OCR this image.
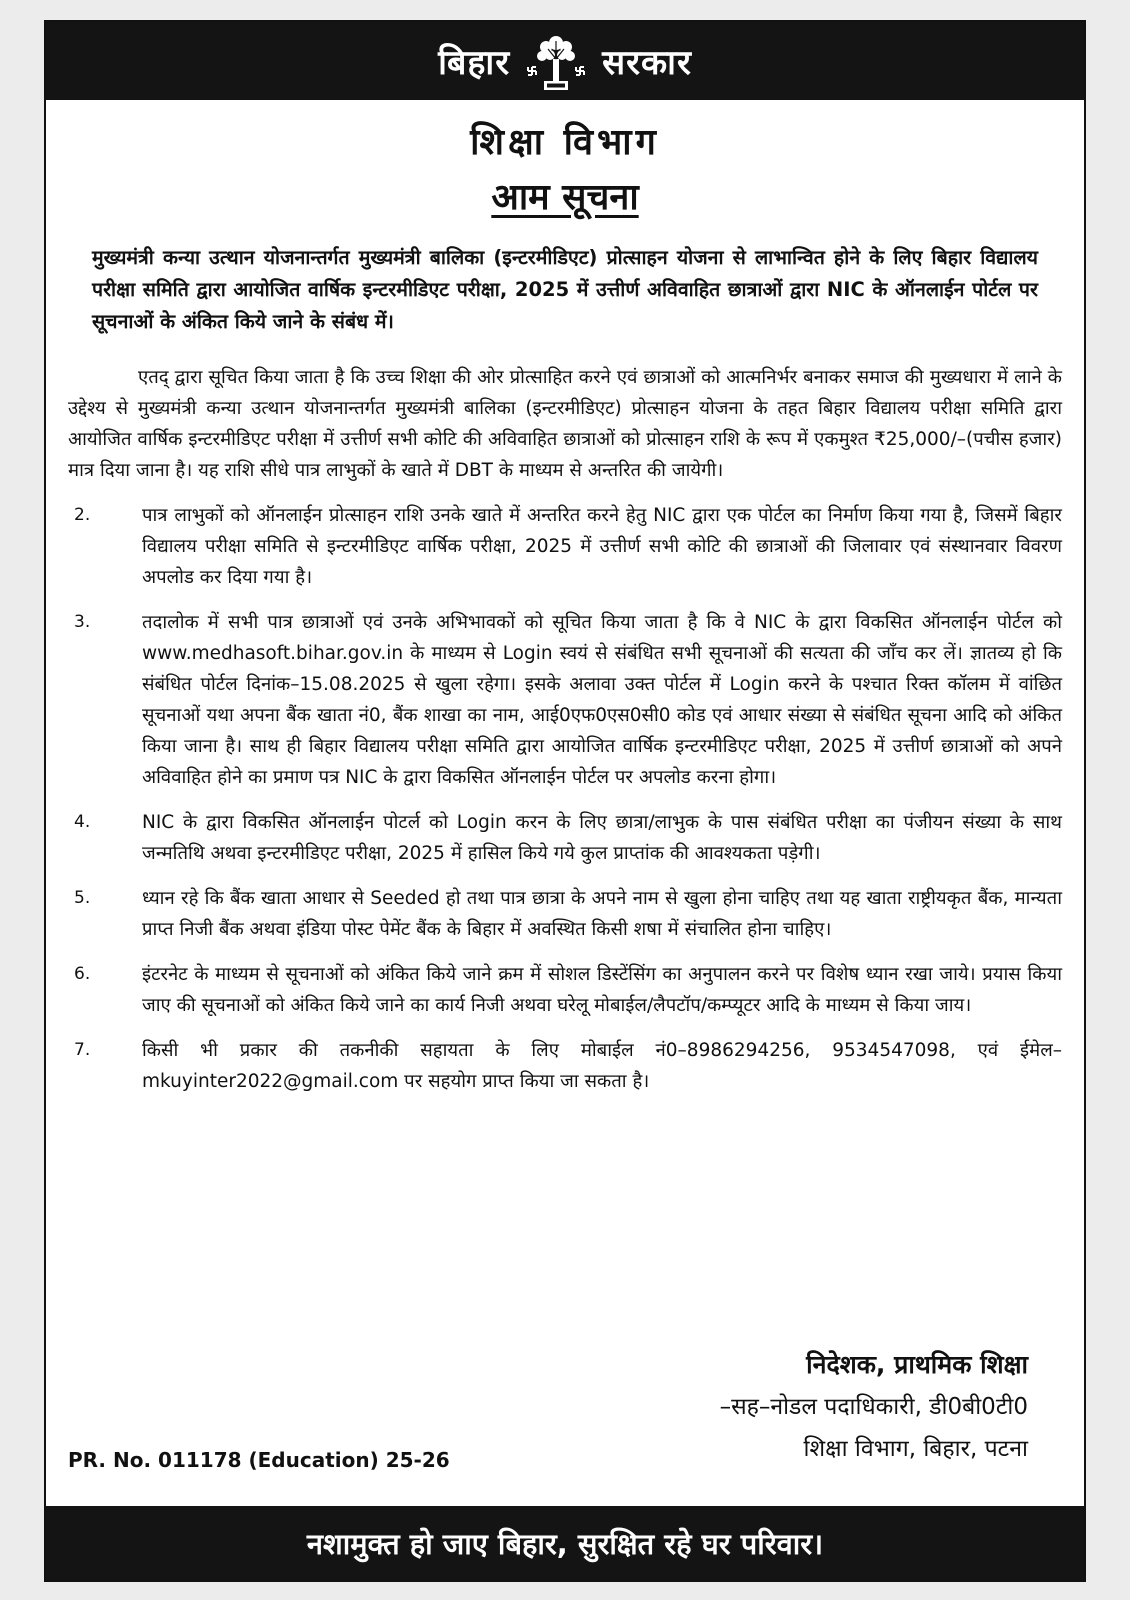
बिहार	सरकार
शिक्षा विभाग
आम सूचना
मुख्यमंत्री कन्या उत्थान योजनान्तर्गत मुख्यमंत्री बालिका (इन्टरमीडिएट) प्रोत्साहन योजना से लाभान्वित होने के लिए बिहार विद्यालय परीक्षा समिति द्वारा आयोजित वार्षिक इन्टरमीडिएट परीक्षा, 2025 में उत्तीर्ण अविवाहित छात्राओं द्वारा NIC के ऑनलाईन पोर्टल पर सूचनाओं के अंकित किये जाने के संबंध में।
एतद् द्वारा सूचित किया जाता है कि उच्च शिक्षा की ओर प्रोत्साहित करने एवं छात्राओं को आत्मनिर्भर बनाकर समाज की मुख्यधारा में लाने के उद्देश्य से मुख्यमंत्री कन्या उत्थान योजनान्तर्गत मुख्यमंत्री बालिका (इन्टरमीडिएट) प्रोत्साहन योजना के तहत बिहार विद्यालय परीक्षा समिति द्वारा आयोजित वार्षिक इन्टरमीडिएट परीक्षा में उत्तीर्ण सभी कोटि की अविवाहित छात्राओं को प्रोत्साहन राशि के रूप में एकमुश्त ₹25,000/–(पचीस हजार) मात्र दिया जाना है। यह राशि सीधे पात्र लाभुकों के खाते में DBT के माध्यम से अन्तरित की जायेगी।
2.	पात्र लाभुकों को ऑनलाईन प्रोत्साहन राशि उनके खाते में अन्तरित करने हेतु NIC द्वारा एक पोर्टल का निर्माण किया गया है, जिसमें बिहार विद्यालय परीक्षा समिति से इन्टरमीडिएट वार्षिक परीक्षा, 2025 में उत्तीर्ण सभी कोटि की छात्राओं की जिलावार एवं संस्थानवार विवरण अपलोड कर दिया गया है।
3.	तदालोक में सभी पात्र छात्राओं एवं उनके अभिभावकों को सूचित किया जाता है कि वे NIC के द्वारा विकसित ऑनलाईन पोर्टल को www.medhasoft.bihar.gov.in के माध्यम से Login स्वयं से संबंधित सभी सूचनाओं की सत्यता की जाँच कर लें। ज्ञातव्य हो कि संबंधित पोर्टल दिनांक–15.08.2025 से खुला रहेगा। इसके अलावा उक्त पोर्टल में Login करने के पश्चात रिक्त कॉलम में वांछित सूचनाओं यथा अपना बैंक खाता नं0, बैंक शाखा का नाम, आई0एफ0एस0सी0 कोड एवं आधार संख्या से संबंधित सूचना आदि को अंकित किया जाना है। साथ ही बिहार विद्यालय परीक्षा समिति द्वारा आयोजित वार्षिक इन्टरमीडिएट परीक्षा, 2025 में उत्तीर्ण छात्राओं को अपने अविवाहित होने का प्रमाण पत्र NIC के द्वारा विकसित ऑनलाईन पोर्टल पर अपलोड करना होगा।
4.	NIC के द्वारा विकसित ऑनलाईन पोटर्ल को Login करन के लिए छात्रा/लाभुक के पास संबंधित परीक्षा का पंजीयन संख्या के साथ जन्मतिथि अथवा इन्टरमीडिएट परीक्षा, 2025 में हासिल किये गये कुल प्राप्तांक की आवश्यकता पड़ेगी।
5.	ध्यान रहे कि बैंक खाता आधार से Seeded हो तथा पात्र छात्रा के अपने नाम से खुला होना चाहिए तथा यह खाता राष्ट्रीयकृत बैंक, मान्यता प्राप्त निजी बैंक अथवा इंडिया पोस्ट पेमेंट बैंक के बिहार में अवस्थित किसी शषा में संचालित होना चाहिए।
6.	इंटरनेट के माध्यम से सूचनाओं को अंकित किये जाने क्रम में सोशल डिस्टेंसिंग का अनुपालन करने पर विशेष ध्यान रखा जाये। प्रयास किया जाए की सूचनाओं को अंकित किये जाने का कार्य निजी अथवा घरेलू मोबाईल/लैपटॉप/कम्प्यूटर आदि के माध्यम से किया जाय।
7.	किसी भी प्रकार की तकनीकी सहायता के लिए मोबाईल नं0–8986294256, 9534547098, एवं ईमेल–mkuyinter2022@gmail.com पर सहयोग प्राप्त किया जा सकता है।
निदेशक, प्राथमिक शिक्षा
–सह–नोडल पदाधिकारी, डी0बी0टी0
शिक्षा विभाग, बिहार, पटना
PR. No. 011178 (Education) 25-26
नशामुक्त हो जाए बिहार, सुरक्षित रहे घर परिवार।
